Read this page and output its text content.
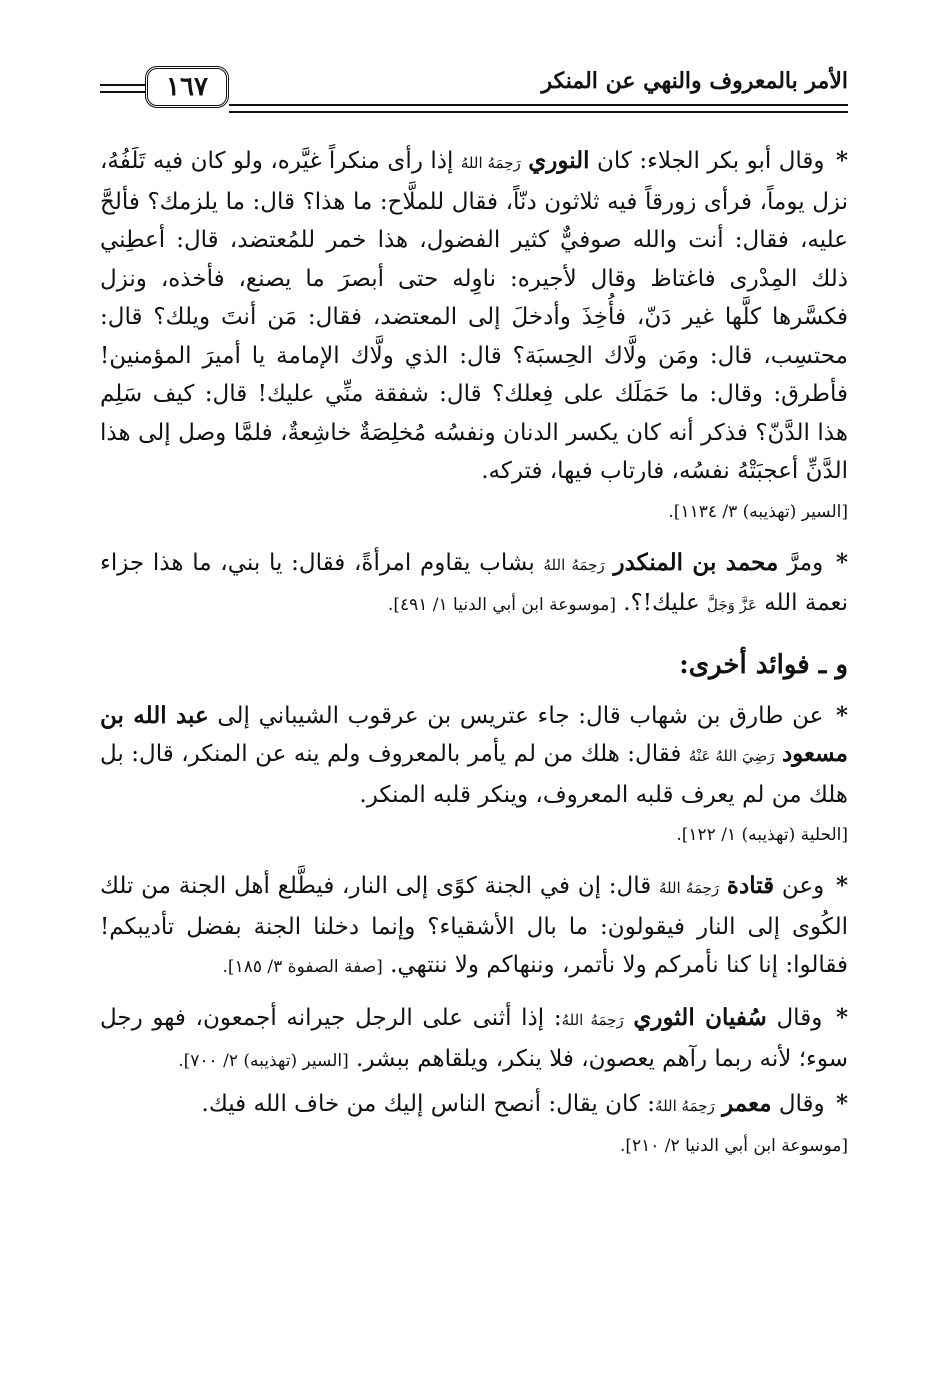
١٦٧	الأمر بالمعروف والنهي عن المنكر

* وقال أبو بكر الجلاء: كان النوري رَحِمَهُ اللهُ إذا رأى منكراً غيَّره، ولو كان فيه تَلَفُهُ، نزل يوماً، فرأى زورقاً فيه ثلاثون دنّاً، فقال للملَّاح: ما هذا؟ قال: ما يلزمك؟ فألحَّ عليه، فقال: أنت والله صوفيٌّ كثير الفضول، هذا خمر للمُعتضد، قال: أعطِني ذلك المِدْرى فاغتاظ وقال لأجيره: ناوِله حتى أبصرَ ما يصنع، فأخذه، ونزل فكسَّرها كلَّها غير دَنّ، فأُخِذَ وأدخلَ إلى المعتضد، فقال: مَن أنتَ ويلك؟ قال: محتسِب، قال: ومَن ولَّاك الحِسبَة؟ قال: الذي ولَّاك الإمامة يا أميرَ المؤمنين! فأطرق: وقال: ما حَمَلَك على فِعلك؟ قال: شفقة منِّي عليك! قال: كيف سَلِم هذا الدَّنّ؟ فذكر أنه كان يكسر الدنان ونفسُه مُخلِصَةٌ خاشِعةٌ، فلمَّا وصل إلى هذا الدَّنِّ أعجبَتْهُ نفسُه، فارتاب فيها، فتركه.
[السير (تهذيبه) ٣/ ١١٣٤].

* ومرَّ محمد بن المنكدر رَحِمَهُ اللهُ بشاب يقاوم امرأةً، فقال: يا بني، ما هذا جزاء نعمة الله عَزَّ وَجَلَّ عليك!؟. [موسوعة ابن أبي الدنيا ١/ ٤٩١].

و ـ فوائد أخرى:

* عن طارق بن شهاب قال: جاء عتريس بن عرقوب الشيباني إلى عبد الله بن مسعود رَضِيَ اللهُ عَنْهُ فقال: هلك من لم يأمر بالمعروف ولم ينه عن المنكر، قال: بل هلك من لم يعرف قلبه المعروف، وينكر قلبه المنكر.
[الحلية (تهذيبه) ١/ ١٢٢].

* وعن قتادة رَحِمَهُ اللهُ قال: إن في الجنة كوًى إلى النار، فيطَّلع أهل الجنة من تلك الكُوى إلى النار فيقولون: ما بال الأشقياء؟ وإنما دخلنا الجنة بفضل تأديبكم! فقالوا: إنا كنا نأمركم ولا نأتمر، وننهاكم ولا ننتهي. [صفة الصفوة ٣/ ١٨٥].

* وقال سُفيان الثوري رَحِمَهُ اللهُ: إذا أثنى على الرجل جيرانه أجمعون، فهو رجل سوء؛ لأنه ربما رآهم يعصون، فلا ينكر، ويلقاهم ببشر. [السير (تهذيبه) ٢/ ٧٠٠].

* وقال معمر رَحِمَهُ اللهُ: كان يقال: أنصح الناس إليك من خاف الله فيك.
[موسوعة ابن أبي الدنيا ٢/ ٢١٠].
